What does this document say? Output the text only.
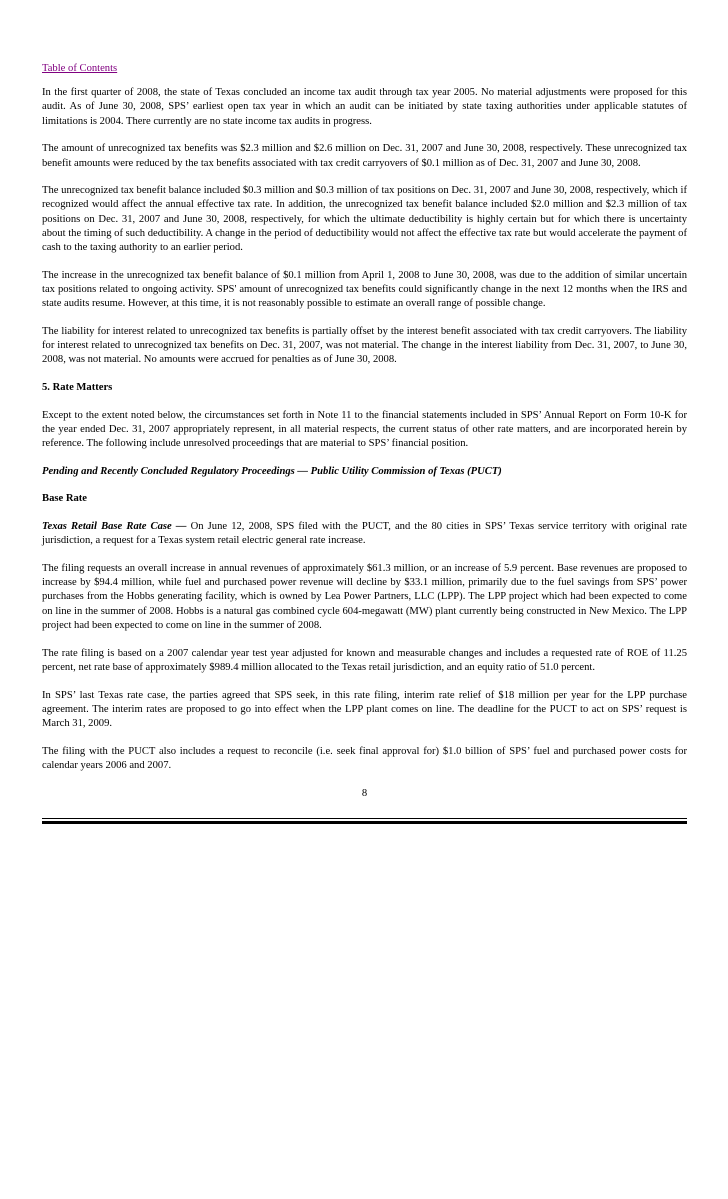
Table of Contents

In the first quarter of 2008, the state of Texas concluded an income tax audit through tax year 2005. No material adjustments were proposed for this audit. As of June 30, 2008, SPS’ earliest open tax year in which an audit can be initiated by state taxing authorities under applicable statutes of limitations is 2004. There currently are no state income tax audits in progress.

The amount of unrecognized tax benefits was $2.3 million and $2.6 million on Dec. 31, 2007 and June 30, 2008, respectively. These unrecognized tax benefit amounts were reduced by the tax benefits associated with tax credit carryovers of $0.1 million as of Dec. 31, 2007 and June 30, 2008.

The unrecognized tax benefit balance included $0.3 million and $0.3 million of tax positions on Dec. 31, 2007 and June 30, 2008, respectively, which if recognized would affect the annual effective tax rate. In addition, the unrecognized tax benefit balance included $2.0 million and $2.3 million of tax positions on Dec. 31, 2007 and June 30, 2008, respectively, for which the ultimate deductibility is highly certain but for which there is uncertainty about the timing of such deductibility. A change in the period of deductibility would not affect the effective tax rate but would accelerate the payment of cash to the taxing authority to an earlier period.

The increase in the unrecognized tax benefit balance of $0.1 million from April 1, 2008 to June 30, 2008, was due to the addition of similar uncertain tax positions related to ongoing activity. SPS' amount of unrecognized tax benefits could significantly change in the next 12 months when the IRS and state audits resume. However, at this time, it is not reasonably possible to estimate an overall range of possible change.

The liability for interest related to unrecognized tax benefits is partially offset by the interest benefit associated with tax credit carryovers. The liability for interest related to unrecognized tax benefits on Dec. 31, 2007, was not material. The change in the interest liability from Dec. 31, 2007, to June 30, 2008, was not material. No amounts were accrued for penalties as of June 30, 2008.

5. Rate Matters

Except to the extent noted below, the circumstances set forth in Note 11 to the financial statements included in SPS’ Annual Report on Form 10-K for the year ended Dec. 31, 2007 appropriately represent, in all material respects, the current status of other rate matters, and are incorporated herein by reference. The following include unresolved proceedings that are material to SPS’ financial position.

Pending and Recently Concluded Regulatory Proceedings — Public Utility Commission of Texas (PUCT)
Base Rate

Texas Retail Base Rate Case — On June 12, 2008, SPS filed with the PUCT, and the 80 cities in SPS’ Texas service territory with original rate jurisdiction, a request for a Texas system retail electric general rate increase.

The filing requests an overall increase in annual revenues of approximately $61.3 million, or an increase of 5.9 percent. Base revenues are proposed to increase by $94.4 million, while fuel and purchased power revenue will decline by $33.1 million, primarily due to the fuel savings from SPS’ power purchases from the Hobbs generating facility, which is owned by Lea Power Partners, LLC (LPP). The LPP project which had been expected to come on line in the summer of 2008. Hobbs is a natural gas combined cycle 604-megawatt (MW) plant currently being constructed in New Mexico. The LPP project had been expected to come on line in the summer of 2008.

The rate filing is based on a 2007 calendar year test year adjusted for known and measurable changes and includes a requested rate of ROE of 11.25 percent, net rate base of approximately $989.4 million allocated to the Texas retail jurisdiction, and an equity ratio of 51.0 percent.

In SPS’ last Texas rate case, the parties agreed that SPS seek, in this rate filing, interim rate relief of $18 million per year for the LPP purchase agreement. The interim rates are proposed to go into effect when the LPP plant comes on line. The deadline for the PUCT to act on SPS’ request is March 31, 2009.

The filing with the PUCT also includes a request to reconcile (i.e. seek final approval for) $1.0 billion of SPS’ fuel and purchased power costs for calendar years 2006 and 2007.

8
